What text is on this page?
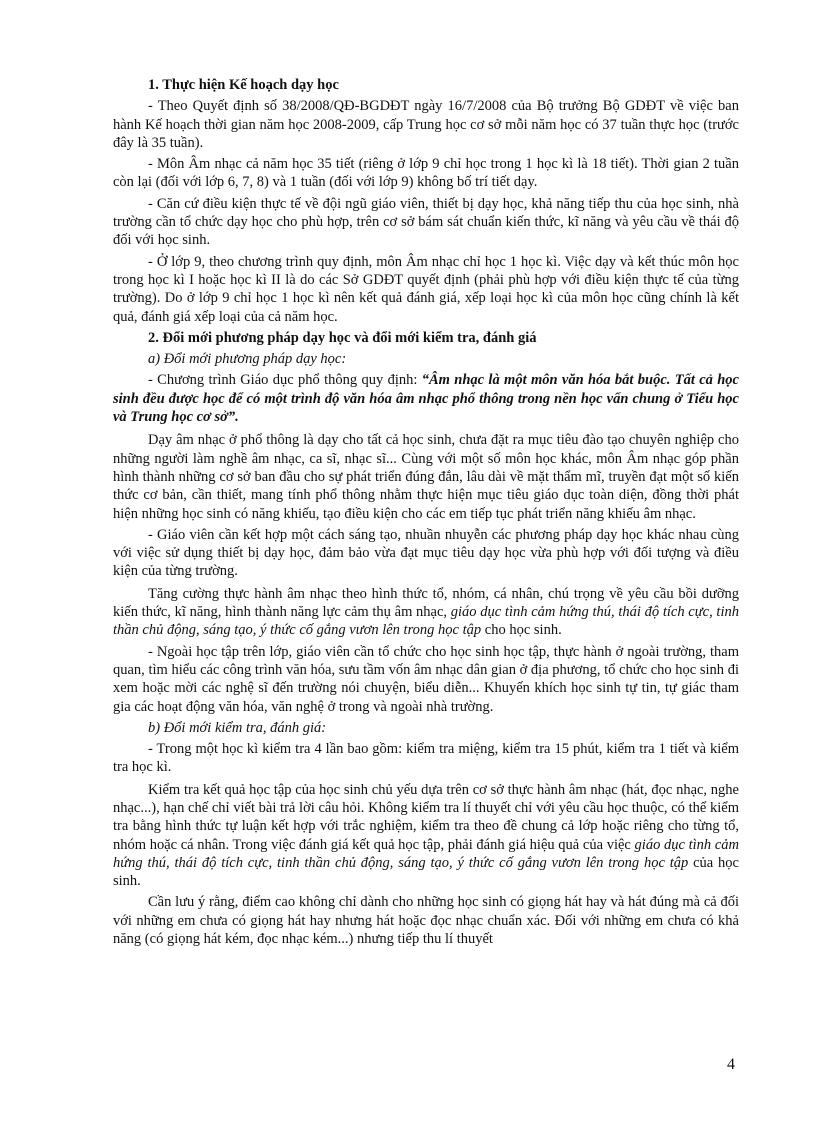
1. Thực hiện Kế hoạch dạy học

- Theo Quyết định số 38/2008/QĐ-BGDĐT ngày 16/7/2008 của Bộ trưởng Bộ GDĐT về việc ban hành Kế hoạch thời gian năm học 2008-2009, cấp Trung học cơ sở mỗi năm học có 37 tuần thực học (trước đây là 35 tuần).

- Môn Âm nhạc cả năm học 35 tiết (riêng ở lớp 9 chỉ học trong 1 học kì là 18 tiết). Thời gian 2 tuần còn lại (đối với lớp 6, 7, 8) và 1 tuần (đối với lớp 9) không bố trí tiết dạy.

- Căn cứ điều kiện thực tế về đội ngũ giáo viên, thiết bị dạy học, khả năng tiếp thu của học sinh, nhà trường cần tổ chức dạy học cho phù hợp, trên cơ sở bám sát chuẩn kiến thức, kĩ năng và yêu cầu về thái độ đối với học sinh.

- Ở lớp 9, theo chương trình quy định, môn Âm nhạc chỉ học 1 học kì. Việc dạy và kết thúc môn học trong học kì I hoặc học kì II là do các Sở GDĐT quyết định (phải phù hợp với điều kiện thực tế của từng trường). Do ở lớp 9 chỉ học 1 học kì nên kết quả đánh giá, xếp loại học kì của môn học cũng chính là kết quả, đánh giá xếp loại của cả năm học.

2. Đổi mới phương pháp dạy học và đổi mới kiểm tra, đánh giá

a) Đổi mới phương pháp dạy học:

- Chương trình Giáo dục phổ thông quy định: “Âm nhạc là một môn văn hóa bắt buộc. Tất cả học sinh đều được học để có một trình độ văn hóa âm nhạc phổ thông trong nền học vấn chung ở Tiểu học và Trung học cơ sở”.

Dạy âm nhạc ở phổ thông là dạy cho tất cả học sinh, chưa đặt ra mục tiêu đào tạo chuyên nghiệp cho những người làm nghề âm nhạc, ca sĩ, nhạc sĩ... Cùng với một số môn học khác, môn Âm nhạc góp phần hình thành những cơ sở ban đầu cho sự phát triển đúng đắn, lâu dài về mặt thẩm mĩ, truyền đạt một số kiến thức cơ bản, cần thiết, mang tính phổ thông nhằm thực hiện mục tiêu giáo dục toàn diện, đồng thời phát hiện những học sinh có năng khiếu, tạo điều kiện cho các em tiếp tục phát triển năng khiếu âm nhạc.

- Giáo viên cần kết hợp một cách sáng tạo, nhuần nhuyễn các phương pháp dạy học khác nhau cùng với việc sử dụng thiết bị dạy học, đảm bảo vừa đạt mục tiêu dạy học vừa phù hợp với đối tượng và điều kiện của từng trường.

Tăng cường thực hành âm nhạc theo hình thức tổ, nhóm, cá nhân, chú trọng về yêu cầu bồi dưỡng kiến thức, kĩ năng, hình thành năng lực cảm thụ âm nhạc, giáo dục tình cảm hứng thú, thái độ tích cực, tinh thần chủ động, sáng tạo, ý thức cố gắng vươn lên trong học tập cho học sinh.

- Ngoài học tập trên lớp, giáo viên cần tổ chức cho học sinh học tập, thực hành ở ngoài trường, tham quan, tìm hiểu các công trình văn hóa, sưu tầm vốn âm nhạc dân gian ở địa phương, tổ chức cho học sinh đi xem hoặc mời các nghệ sĩ đến trường nói chuyện, biểu diễn... Khuyến khích học sinh tự tin, tự giác tham gia các hoạt động văn hóa, văn nghệ ở trong và ngoài nhà trường.

b) Đổi mới kiểm tra, đánh giá:

- Trong một học kì kiểm tra 4 lần bao gồm: kiểm tra miệng, kiểm tra 15 phút, kiểm tra 1 tiết và kiểm tra học kì.

Kiểm tra kết quả học tập của học sinh chủ yếu dựa trên cơ sở thực hành âm nhạc (hát, đọc nhạc, nghe nhạc...), hạn chế chỉ viết bài trả lời câu hỏi. Không kiểm tra lí thuyết chỉ với yêu cầu học thuộc, có thể kiểm tra bằng hình thức tự luận kết hợp với trắc nghiệm, kiểm tra theo đề chung cả lớp hoặc riêng cho từng tổ, nhóm hoặc cá nhân. Trong việc đánh giá kết quả học tập, phải đánh giá hiệu quả của việc giáo dục tình cảm hứng thú, thái độ tích cực, tinh thần chủ động, sáng tạo, ý thức cố gắng vươn lên trong học tập của học sinh.

Cần lưu ý rằng, điểm cao không chỉ dành cho những học sinh có giọng hát hay và hát đúng mà cả đối với những em chưa có giọng hát hay nhưng hát hoặc đọc nhạc chuẩn xác. Đối với những em chưa có khả năng (có giọng hát kém, đọc nhạc kém...) nhưng tiếp thu lí thuyết

4
